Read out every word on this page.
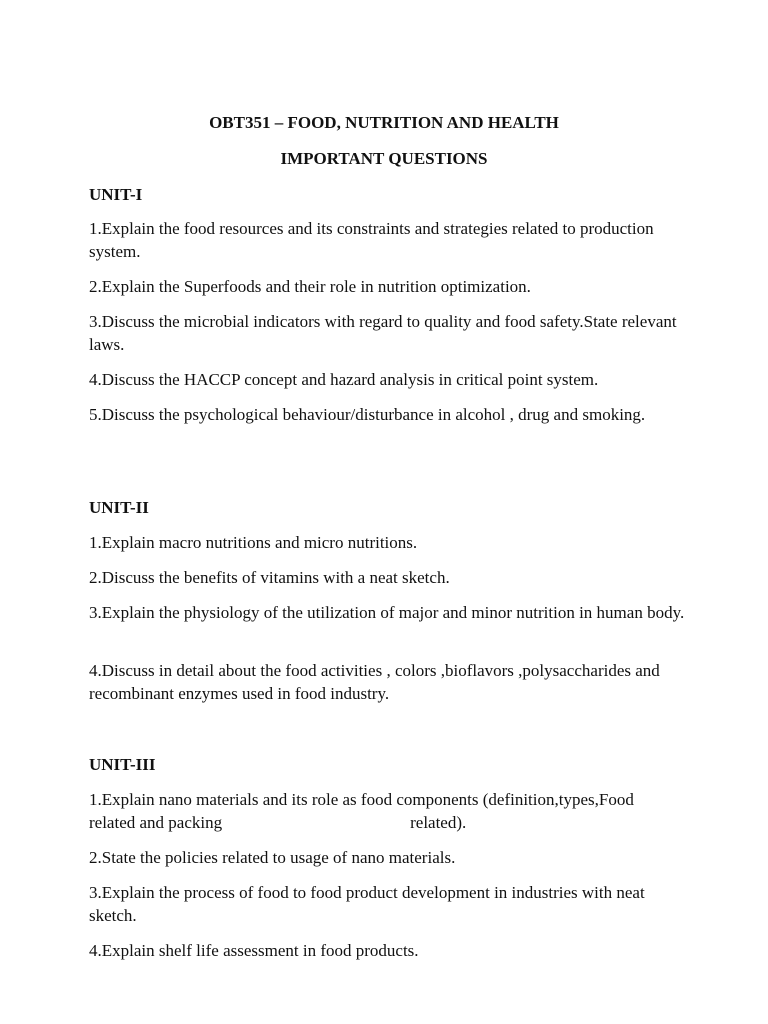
OBT351 – FOOD, NUTRITION AND HEALTH

IMPORTANT QUESTIONS

UNIT-I

1.Explain the food resources and its constraints and strategies related to production system.

2.Explain the Superfoods and their role in nutrition optimization.

3.Discuss the microbial indicators with regard to quality and food safety.State relevant laws.

4.Discuss the HACCP concept and hazard analysis in critical point system.

5.Discuss the psychological behaviour/disturbance in alcohol , drug and smoking.

UNIT-II

1.Explain macro nutritions and micro nutritions.

2.Discuss the benefits of vitamins with a neat sketch.

3.Explain the physiology of the utilization of major and minor nutrition in human body.

4.Discuss in detail about the food activities , colors ,bioflavors ,polysaccharides and recombinant enzymes used in food industry.

UNIT-III

1.Explain nano materials and its role as food components (definition,types,Food

related and packing	related).

2.State the policies related to usage of nano materials.

3.Explain the process of food to food product development in industries with neat sketch.

4.Explain shelf life assessment in food products.
